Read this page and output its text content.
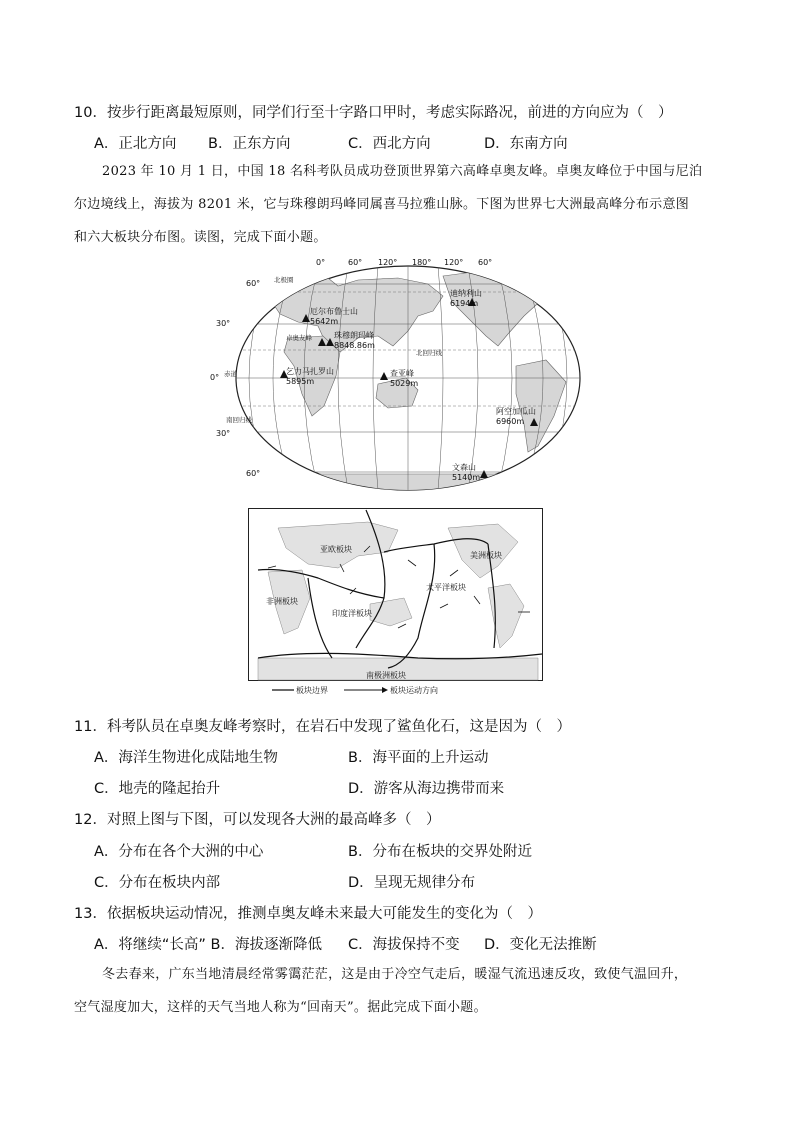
10．按步行距离最短原则，同学们行至十字路口甲时，考虑实际路况，前进的方向应为（　）
A．正北方向 B．正东方向	C．西北方向	D．东南方向
2023 年 10 月 1 日，中国 18 名科考队员成功登顶世界第六高峰卓奥友峰。卓奥友峰位于中国与尼泊
尔边境线上，海拔为 8201 米，它与珠穆朗玛峰同属喜马拉雅山脉。下图为世界七大洲最高峰分布示意图
和六大板块分布图。读图，完成下面小题。
0°	60° 120° 180° 120° 60°
60°
30°
0°
30°
60°
北极圈
北回归线
赤道
南回归线
厄尔布鲁士山
5642m
卓奥友峰	珠穆朗玛峰
8848.86m
乞力马扎罗山
5895m
查亚峰
5029m
迪纳利山
6194m
阿空加瓜山
6960m
文森山
5140m
亚欧板块
美洲板块
太平洋板块
非洲板块
印度洋板块
南极洲板块
板块边界	板块运动方向
11．科考队员在卓奥友峰考察时，在岩石中发现了鲨鱼化石，这是因为（　）
A．海洋生物进化成陆地生物	B．海平面的上升运动
C．地壳的隆起抬升	D．游客从海边携带而来
12．对照上图与下图，可以发现各大洲的最高峰多（　）
A．分布在各个大洲的中心	B．分布在板块的交界处附近
C．分布在板块内部	D．呈现无规律分布
13．依据板块运动情况，推测卓奥友峰未来最大可能发生的变化为（　）
A．将继续“长高” B．海拔逐渐降低 C．海拔保持不变 D．变化无法推断
冬去春来，广东当地清晨经常雾霭茫茫，这是由于冷空气走后，暖湿气流迅速反攻，致使气温回升，
空气湿度加大，这样的天气当地人称为“回南天”。据此完成下面小题。
